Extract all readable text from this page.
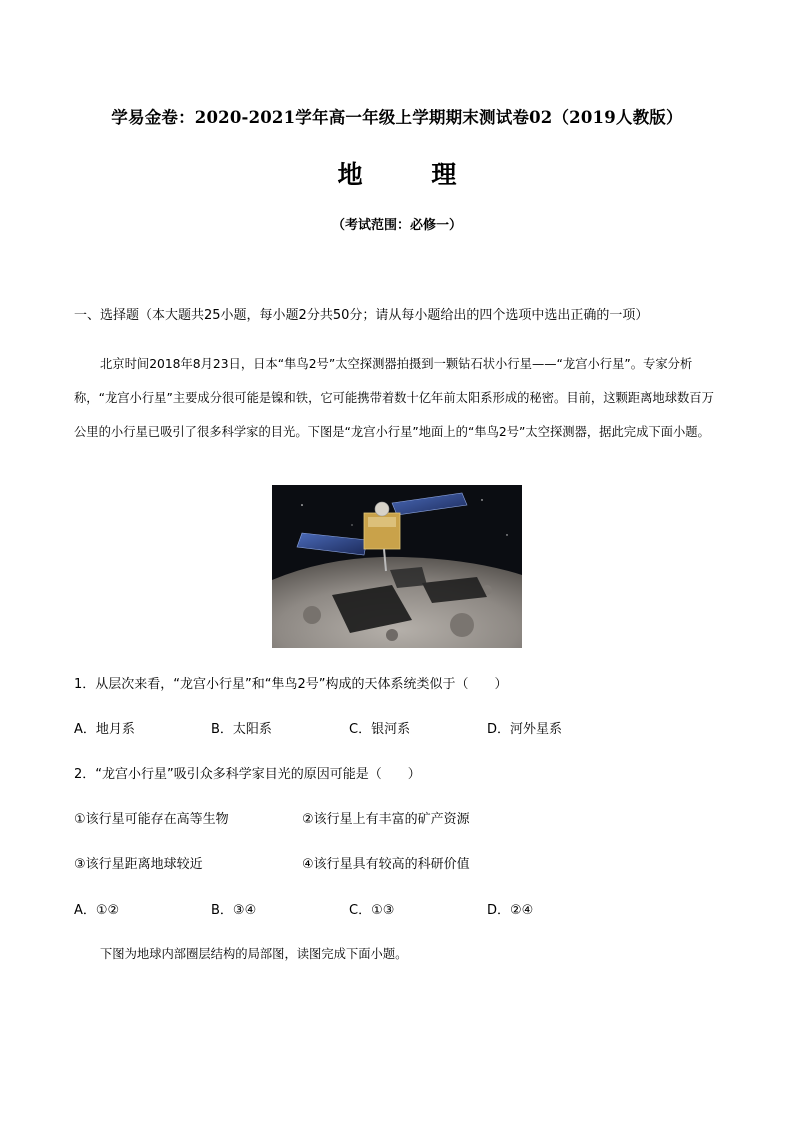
学易金卷：2020-2021学年高一年级上学期期末测试卷02（2019人教版）
地 理
（考试范围：必修一）
一、选择题（本大题共25小题，每小题2分共50分；请从每小题给出的四个选项中选出正确的一项）
北京时间2018年8月23日，日本“隼鸟2号”太空探测器拍摄到一颗钻石状小行星——“龙宫小行星”。专家分析称，“龙宫小行星”主要成分很可能是镍和铁，它可能携带着数十亿年前太阳系形成的秘密。目前，这颗距离地球数百万公里的小行星已吸引了很多科学家的目光。下图是“龙宫小行星”地面上的“隼鸟2号”太空探测器，据此完成下面小题。
1．从层次来看，“龙宫小行星”和“隼鸟2号”构成的天体系统类似于（　　）
A．地月系	B．太阳系	C．银河系	D．河外星系
2．“龙宫小行星”吸引众多科学家目光的原因可能是（　　）
①该行星可能存在高等生物	②该行星上有丰富的矿产资源
③该行星距离地球较近	④该行星具有较高的科研价值
A．①②	B．③④	C．①③	D．②④
下图为地球内部圈层结构的局部图，读图完成下面小题。
